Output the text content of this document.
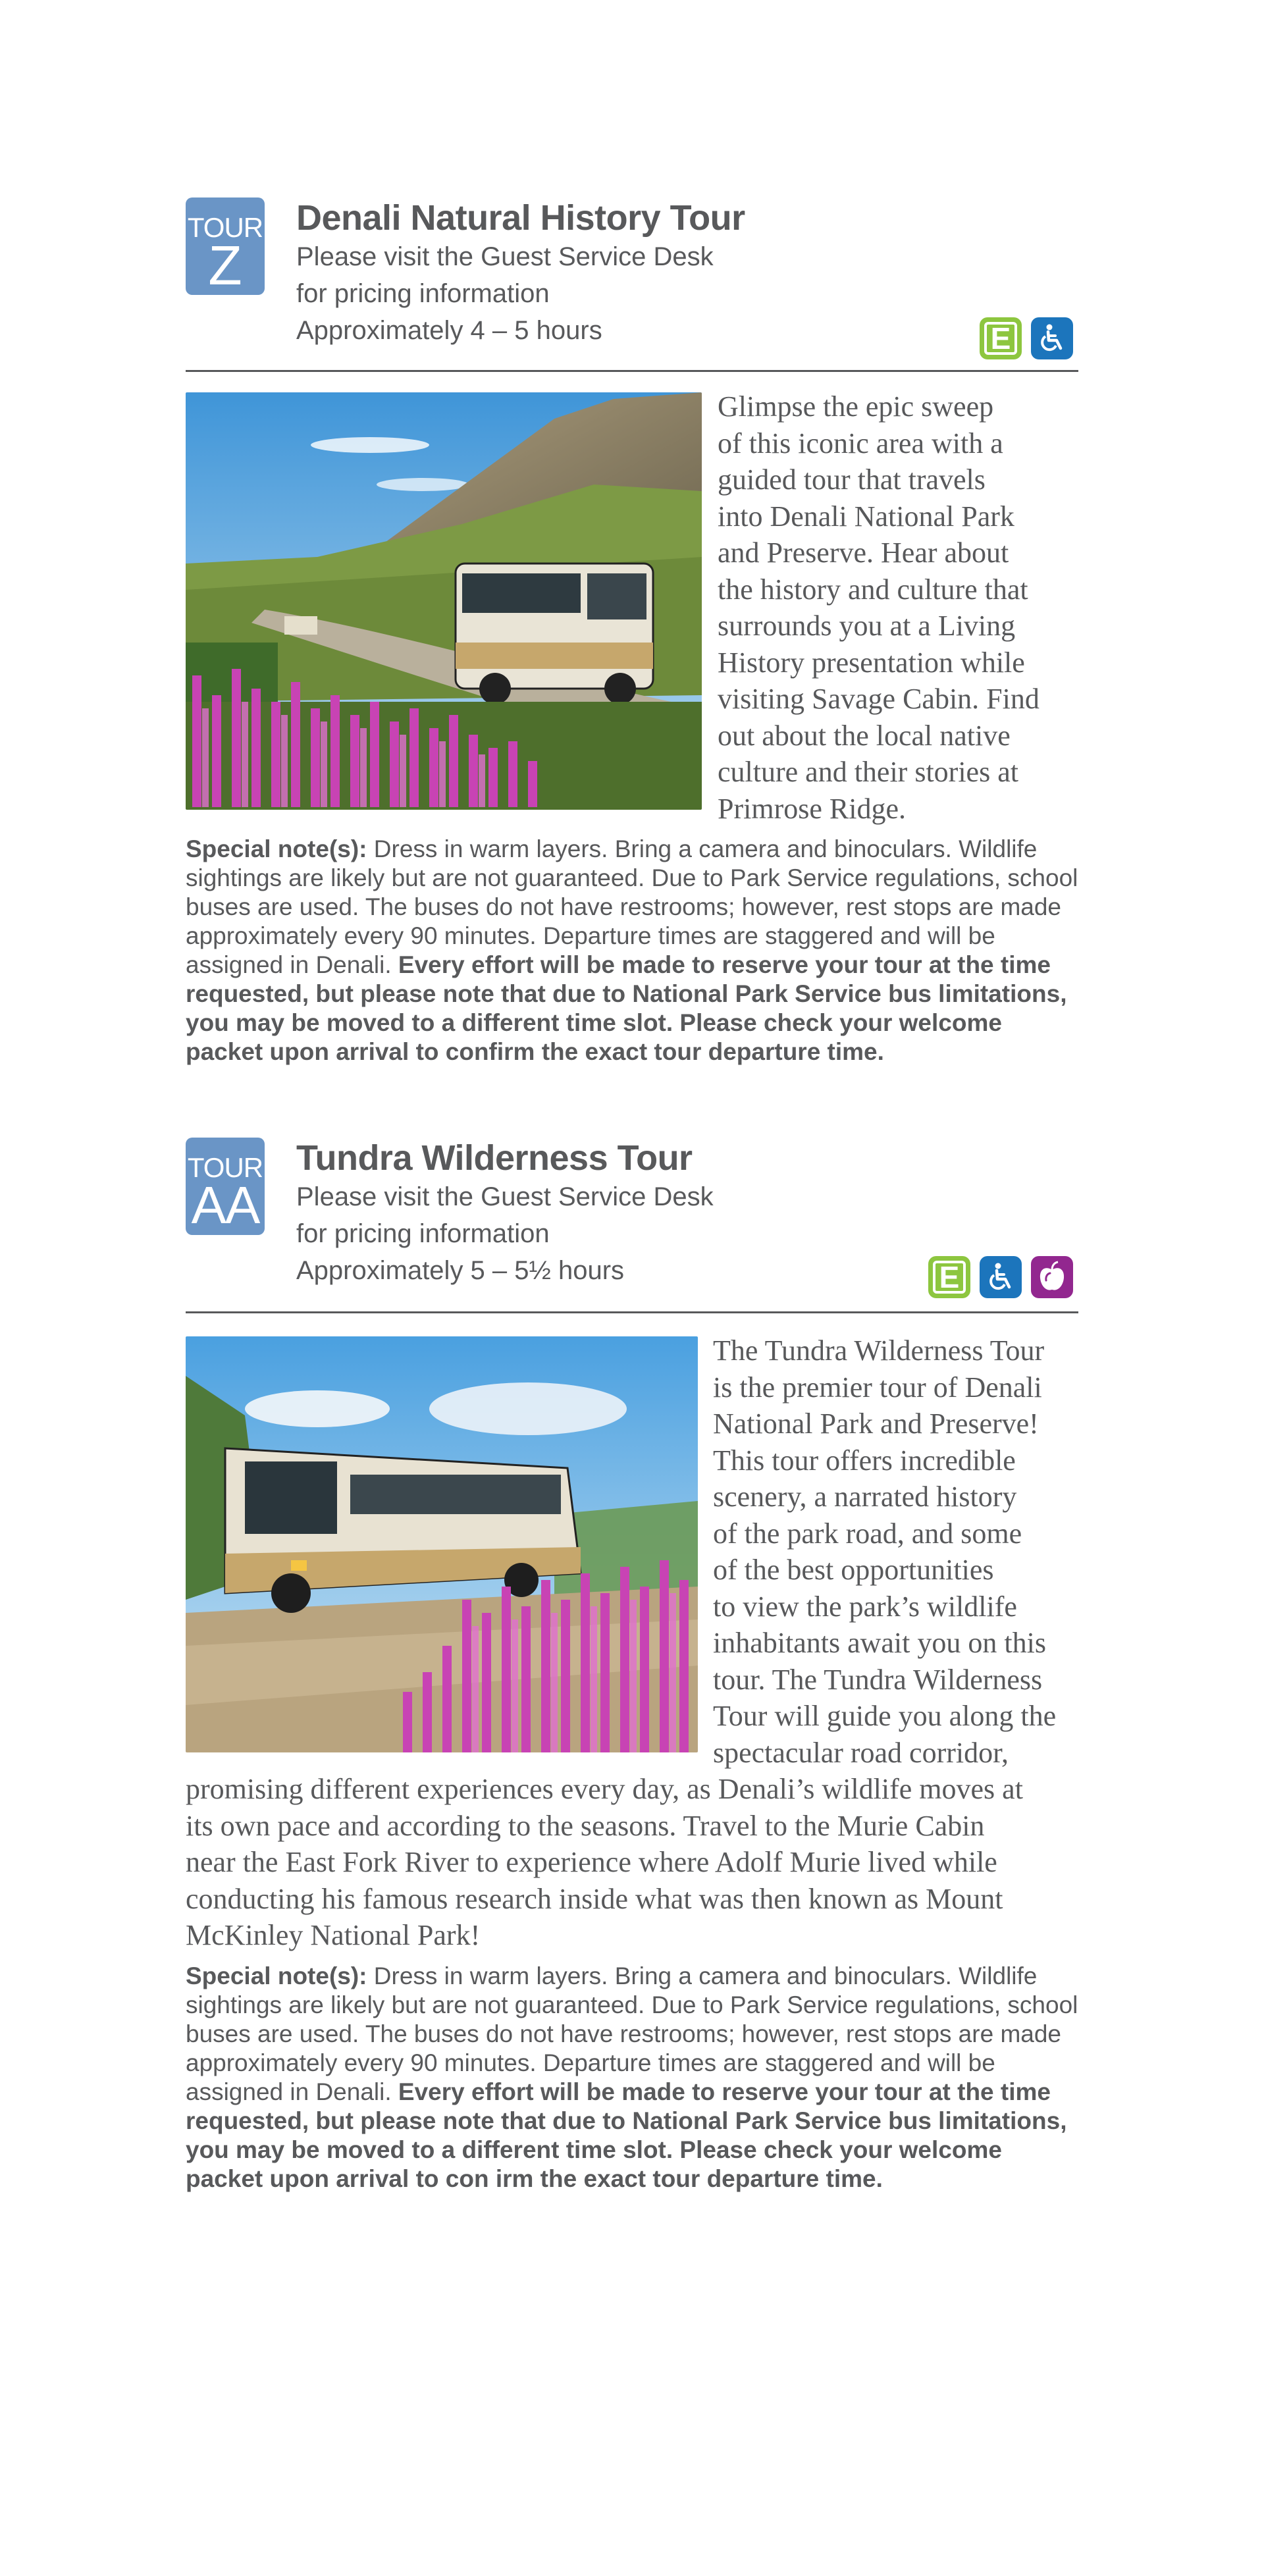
TOUR
Z
Denali Natural History Tour
Please visit the Guest Service Desk
for pricing information
Approximately 4 – 5 hours	E
Glimpse the epic sweep
of this iconic area with a
guided tour that travels
into Denali National Park
and Preserve. Hear about
the history and culture that
surrounds you at a Living
History presentation while
visiting Savage Cabin. Find
out about the local native
culture and their stories at
Primrose Ridge.
Special note(s): Dress in warm layers. Bring a camera and binoculars. Wildlife sightings are likely but are not guaranteed. Due to Park Service regulations, school buses are used. The buses do not have restrooms; however, rest stops are made approximately every 90 minutes. Departure times are staggered and will be assigned in Denali. Every effort will be made to reserve your tour at the time requested, but please note that due to National Park Service bus limitations, you may be moved to a different time slot. Please check your welcome packet upon arrival to confirm the exact tour departure time.
TOUR
AA
Tundra Wilderness Tour
Please visit the Guest Service Desk
for pricing information
Approximately 5 – 5½ hours	E
The Tundra Wilderness Tour
is the premier tour of Denali
National Park and Preserve!
This tour offers incredible
scenery, a narrated history
of the park road, and some
of the best opportunities
to view the park’s wildlife
inhabitants await you on this
tour. The Tundra Wilderness
Tour will guide you along the
spectacular road corridor,
promising different experiences every day, as Denali’s wildlife moves at
its own pace and according to the seasons. Travel to the Murie Cabin
near the East Fork River to experience where Adolf Murie lived while
conducting his famous research inside what was then known as Mount
McKinley National Park!
Special note(s): Dress in warm layers. Bring a camera and binoculars. Wildlife sightings are likely but are not guaranteed. Due to Park Service regulations, school buses are used. The buses do not have restrooms; however, rest stops are made approximately every 90 minutes. Departure times are staggered and will be assigned in Denali. Every effort will be made to reserve your tour at the time requested, but please note that due to National Park Service bus limitations, you may be moved to a different time slot. Please check your welcome packet upon arrival to con irm the exact tour departure time.
